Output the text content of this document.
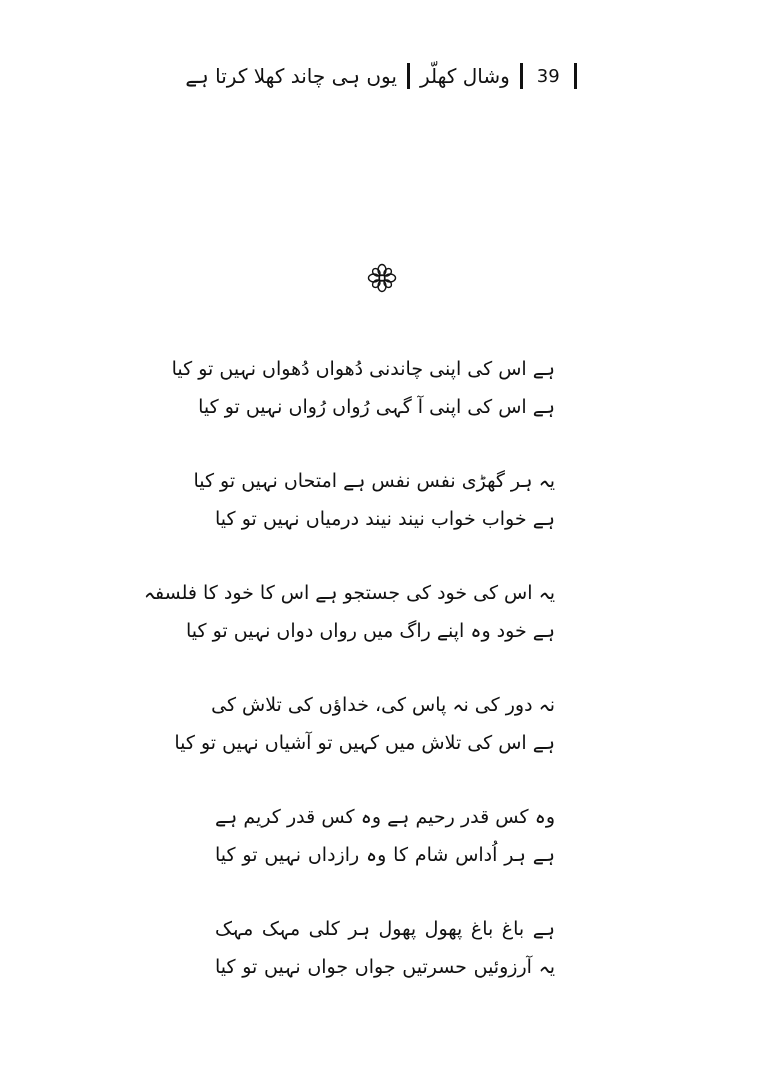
یوں ہی چاند کھلا کرتا ہے وشال کھلّر 39
ہے اس کی اپنی چاندنی دُھواں دُھواں نہیں تو کیا
ہے اس کی اپنی آ گہی رُواں رُواں نہیں تو کیا
یہ ہر گھڑی نفس نفس ہے امتحاں نہیں تو کیا
ہے خواب خواب نیند نیند درمیاں نہیں تو کیا
یہ اس کی خود کی جستجو ہے اس کا خود کا فلسفہ
ہے خود وہ اپنے راگ میں رواں دواں نہیں تو کیا
نہ دور کی نہ پاس کی، خداؤں کی تلاش کی
ہے اس کی تلاش میں کہیں تو آشیاں نہیں تو کیا
وہ کس قدر رحیم ہے وہ کس قدر کریم ہے
ہے ہر اُداس شام کا وہ رازداں نہیں تو کیا
ہے باغ باغ پھول پھول ہر کلی مہک مہک
یہ آرزوئیں حسرتیں جواں جواں نہیں تو کیا
